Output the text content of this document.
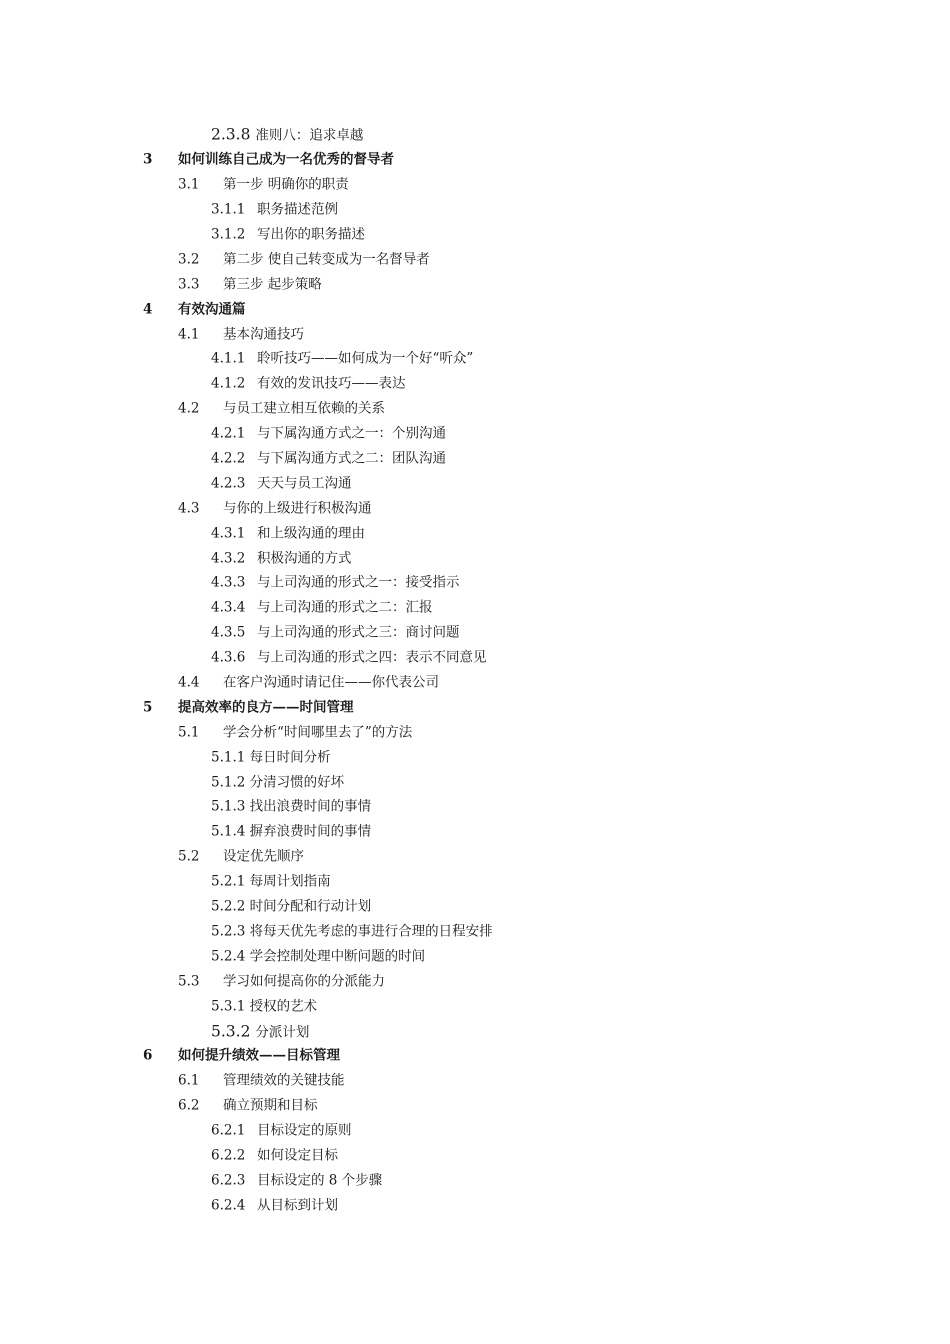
2.3.8 准则八：追求卓越
3 如何训练自己成为一名优秀的督导者
3.1 第一步 明确你的职责
3.1.1 职务描述范例
3.1.2 写出你的职务描述
3.2 第二步 使自己转变成为一名督导者
3.3 第三步 起步策略
4 有效沟通篇
4.1 基本沟通技巧
4.1.1 聆听技巧——如何成为一个好“听众”
4.1.2 有效的发讯技巧——表达
4.2 与员工建立相互依赖的关系
4.2.1 与下属沟通方式之一：个别沟通
4.2.2 与下属沟通方式之二：团队沟通
4.2.3 天天与员工沟通
4.3 与你的上级进行积极沟通
4.3.1 和上级沟通的理由
4.3.2 积极沟通的方式
4.3.3 与上司沟通的形式之一：接受指示
4.3.4 与上司沟通的形式之二：汇报
4.3.5 与上司沟通的形式之三：商讨问题
4.3.6 与上司沟通的形式之四：表示不同意见
4.4 在客户沟通时请记住——你代表公司
5 提高效率的良方——时间管理
5.1 学会分析“时间哪里去了”的方法
5.1.1 每日时间分析
5.1.2 分清习惯的好坏
5.1.3 找出浪费时间的事情
5.1.4 摒弃浪费时间的事情
5.2 设定优先顺序
5.2.1 每周计划指南
5.2.2 时间分配和行动计划
5.2.3 将每天优先考虑的事进行合理的日程安排
5.2.4 学会控制处理中断问题的时间
5.3 学习如何提高你的分派能力
5.3.1 授权的艺术
5.3.2 分派计划
6 如何提升绩效——目标管理
6.1 管理绩效的关键技能
6.2 确立预期和目标
6.2.1 目标设定的原则
6.2.2 如何设定目标
6.2.3 目标设定的 8 个步骤
6.2.4 从目标到计划
